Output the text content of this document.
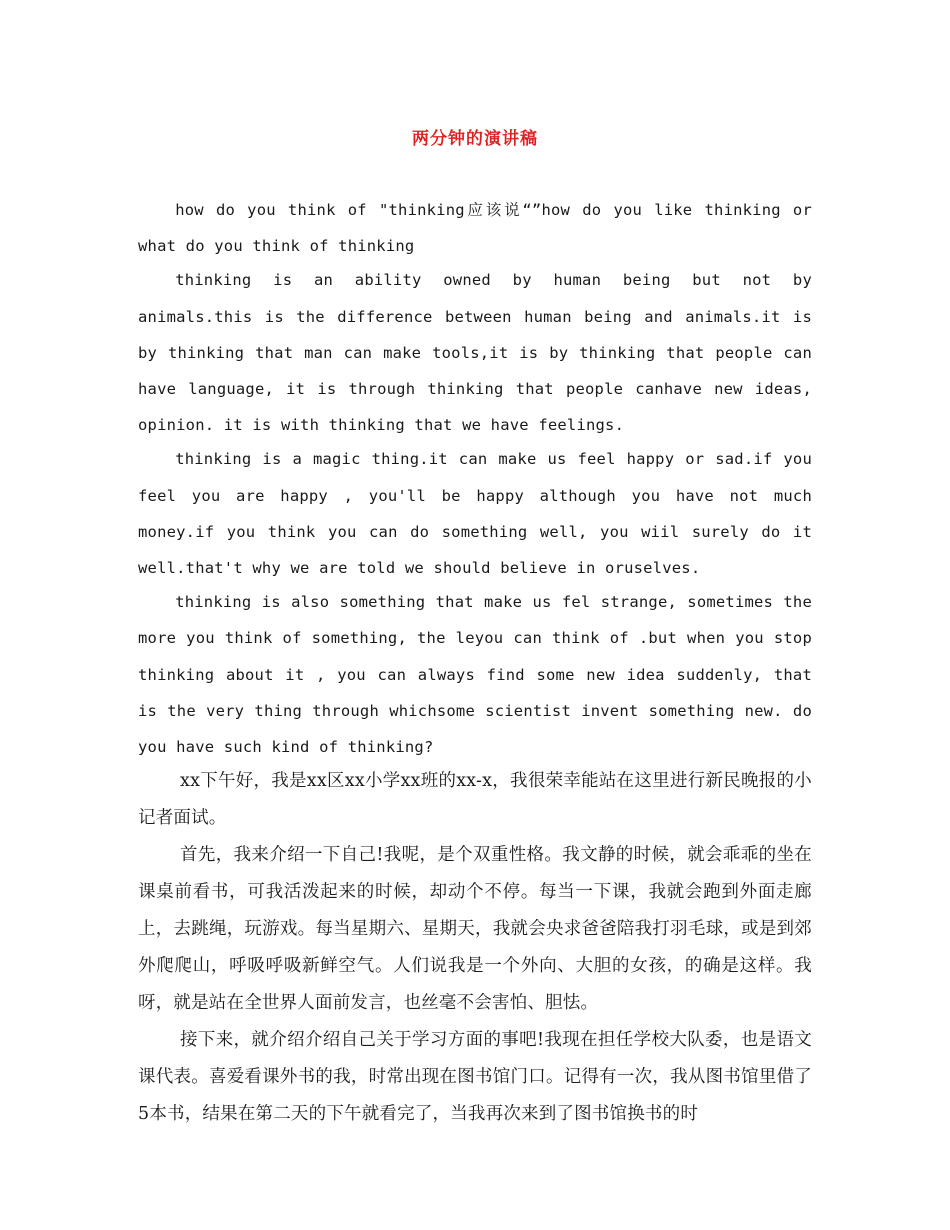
两分钟的演讲稿

how do you think of "thinking应该说“”how do you like thinking or what do you think of thinking

thinking is an ability owned by human being but not by animals.this is the difference between human being and animals.it is by thinking that man can make tools,it is by thinking that people can have language, it is through thinking that people canhave new ideas, opinion. it is with thinking that we have feelings.

thinking is a magic thing.it can make us feel happy or sad.if you feel you are happy , you'll be happy although you have not much money.if you think you can do something well, you wiil surely do it well.that't why we are told we should believe in oruselves.

thinking is also something that make us fel strange, sometimes the more you think of something, the leyou can think of .but when you stop thinking about it , you can always find some new idea suddenly, that is the very thing through whichsome scientist invent something new. do you have such kind of thinking?

xx下午好，我是xx区xx小学xx班的xx-x，我很荣幸能站在这里进行新民晚报的小记者面试。

首先，我来介绍一下自己!我呢，是个双重性格。我文静的时候，就会乖乖的坐在课桌前看书，可我活泼起来的时候，却动个不停。每当一下课，我就会跑到外面走廊上，去跳绳，玩游戏。每当星期六、星期天，我就会央求爸爸陪我打羽毛球，或是到郊外爬爬山，呼吸呼吸新鲜空气。人们说我是一个外向、大胆的女孩，的确是这样。我呀，就是站在全世界人面前发言，也丝毫不会害怕、胆怯。

接下来，就介绍介绍自己关于学习方面的事吧!我现在担任学校大队委，也是语文课代表。喜爱看课外书的我，时常出现在图书馆门口。记得有一次，我从图书馆里借了5本书，结果在第二天的下午就看完了，当我再次来到了图书馆换书的时
